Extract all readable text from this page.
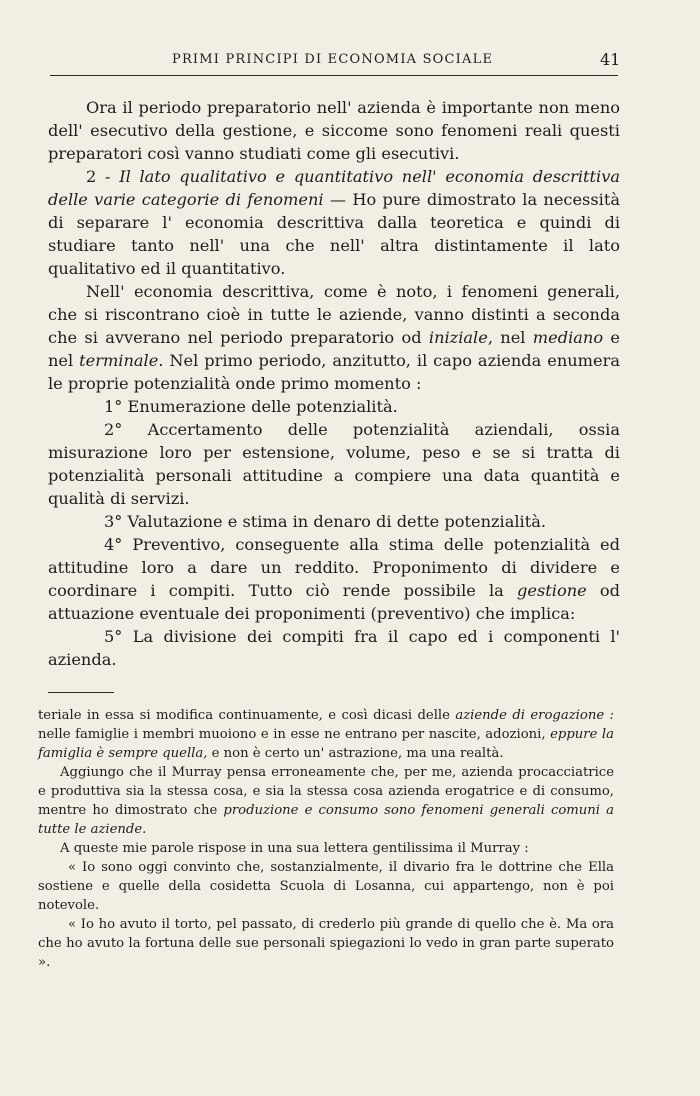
PRIMI PRINCIPI DI ECONOMIA SOCIALE	41

Ora il periodo preparatorio nell' azienda è importante non meno dell' esecutivo della gestione, e siccome sono fenomeni reali questi preparatori così vanno studiati come gli esecutivi.

2 - Il lato qualitativo e quantitativo nell' economia descrittiva delle varie categorie di fenomeni — Ho pure dimostrato la necessità di separare l' economia descrittiva dalla teoretica e quindi di studiare tanto nell' una che nell' altra distintamente il lato qualitativo ed il quantitativo.

Nell' economia descrittiva, come è noto, i fenomeni generali, che si riscontrano cioè in tutte le aziende, vanno distinti a seconda che si avverano nel periodo preparatorio od iniziale, nel mediano e nel terminale. Nel primo periodo, anzitutto, il capo azienda enumera le proprie potenzialità onde primo momento :

1° Enumerazione delle potenzialità.

2° Accertamento delle potenzialità aziendali, ossia misurazione loro per estensione, volume, peso e se si tratta di potenzialità personali attitudine a compiere una data quantità e qualità di servizi.

3° Valutazione e stima in denaro di dette potenzialità.

4° Preventivo, conseguente alla stima delle potenzialità ed attitudine loro a dare un reddito. Proponimento di dividere e coordinare i compiti. Tutto ciò rende possibile la gestione od attuazione eventuale dei proponimenti (preventivo) che implica:

5° La divisione dei compiti fra il capo ed i componenti l' azienda.

teriale in essa si modifica continuamente, e così dicasi delle aziende di erogazione : nelle famiglie i membri muoiono e in esse ne entrano per nascite, adozioni, eppure la famiglia è sempre quella, e non è certo un' astrazione, ma una realtà.

Aggiungo che il Murray pensa erroneamente che, per me, azienda procacciatrice e produttiva sia la stessa cosa, e sia la stessa cosa azienda erogatrice e di consumo, mentre ho dimostrato che produzione e consumo sono fenomeni generali comuni a tutte le aziende.

A queste mie parole rispose in una sua lettera gentilissima il Murray :

« Io sono oggi convinto che, sostanzialmente, il divario fra le dottrine che Ella sostiene e quelle della cosidetta Scuola di Losanna, cui appartengo, non è poi notevole.

« Io ho avuto il torto, pel passato, di crederlo più grande di quello che è. Ma ora che ho avuto la fortuna delle sue personali spiegazioni lo vedo in gran parte superato ».
